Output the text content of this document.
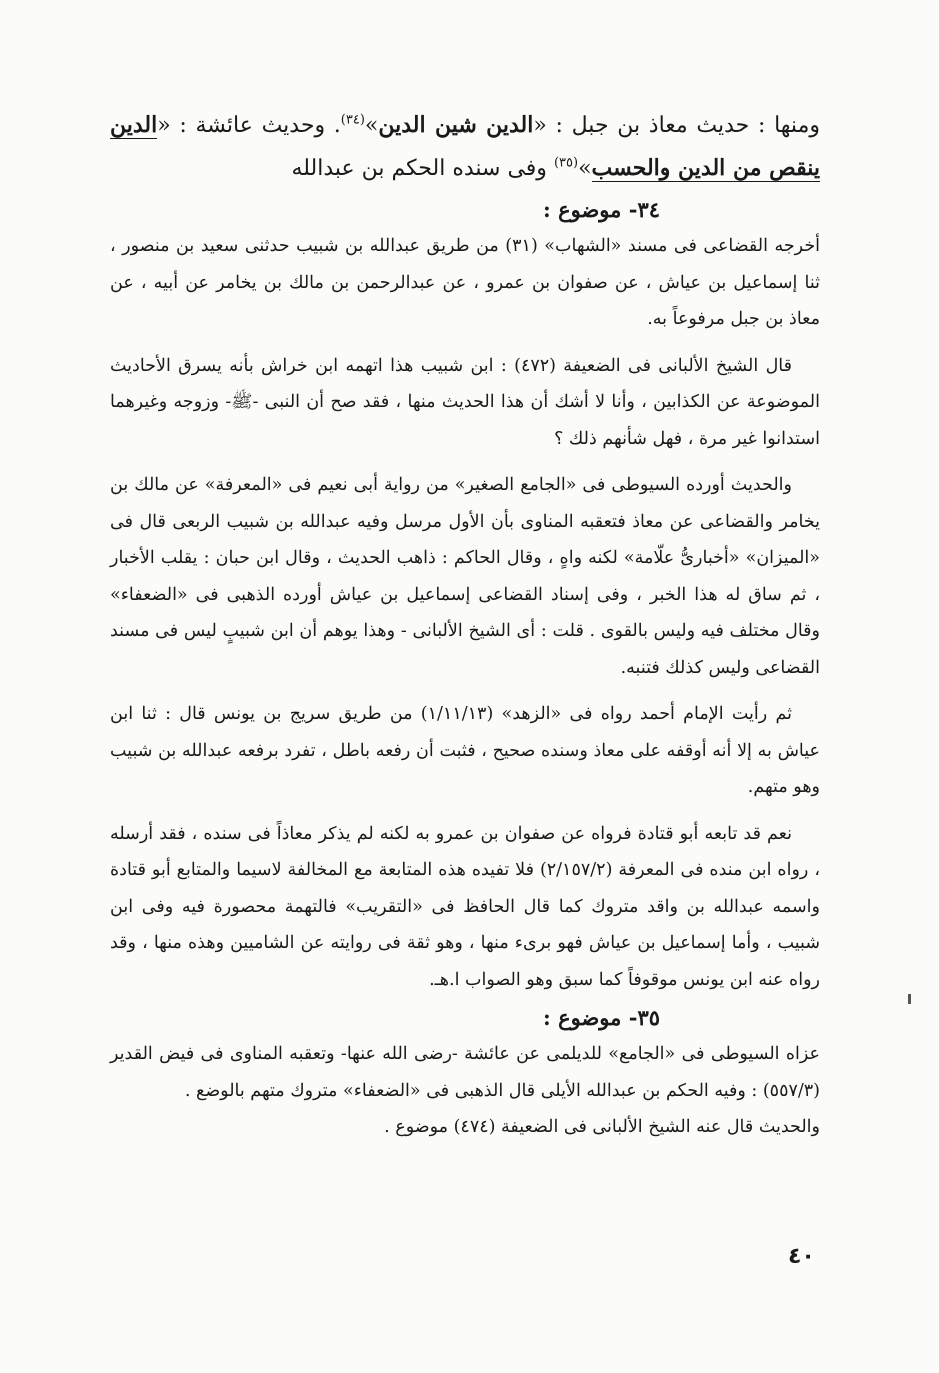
ومنها : حديث معاذ بن جبل : «الدين شين الدين»$^{(٣٤)}$. وحديث عائشة : «الدين ينقص من الدين والحسب»$^{(٣٥)}$ وفى سنده الحكم بن عبدالله

٣٤- موضوع :

أخرجه القضاعى فى مسند «الشهاب» (٣١) من طريق عبدالله بن شبيب حدثنى سعيد بن منصور ، ثنا إسماعيل بن عياش ، عن صفوان بن عمرو ، عن عبدالرحمن بن مالك بن يخامر عن أبيه ، عن معاذ بن جبل مرفوعاً به.

قال الشيخ الألبانى فى الضعيفة (٤٧٢) : ابن شبيب هذا اتهمه ابن خراش بأنه يسرق الأحاديث الموضوعة عن الكذابين ، وأنا لا أشك أن هذا الحديث منها ، فقد صح أن النبى -ﷺ- وزوجه وغيرهما استدانوا غير مرة ، فهل شأنهم ذلك ؟

والحديث أورده السيوطى فى «الجامع الصغير» من رواية أبى نعيم فى «المعرفة» عن مالك بن يخامر والقضاعى عن معاذ فتعقبه المناوى بأن الأول مرسل وفيه عبدالله بن شبيب الربعى قال فى «الميزان» «أخبارىُّ علّامة» لكنه واهٍ ، وقال الحاكم : ذاهب الحديث ، وقال ابن حبان : يقلب الأخبار ، ثم ساق له هذا الخبر ، وفى إسناد القضاعى إسماعيل بن عياش أورده الذهبى فى «الضعفاء» وقال مختلف فيه وليس بالقوى . قلت : أى الشيخ الألبانى - وهذا يوهم أن ابن شبيبٍ ليس فى مسند القضاعى وليس كذلك فتنبه.

ثم رأيت الإمام أحمد رواه فى «الزهد» (١/١١/١٣) من طريق سريج بن يونس قال : ثنا ابن عياش به إلا أنه أوقفه على معاذ وسنده صحيح ، فثبت أن رفعه باطل ، تفرد برفعه عبدالله بن شبيب وهو متهم.

نعم قد تابعه أبو قتادة فرواه عن صفوان بن عمرو به لكنه لم يذكر معاذاً فى سنده ، فقد أرسله ، رواه ابن منده فى المعرفة (٢/١٥٧/٢) فلا تفيده هذه المتابعة مع المخالفة لاسيما والمتابع أبو قتادة واسمه عبدالله بن واقد متروك كما قال الحافظ فى «التقريب» فالتهمة محصورة فيه وفى ابن شبيب ، وأما إسماعيل بن عياش فهو برىء منها ، وهو ثقة فى روايته عن الشاميين وهذه منها ، وقد رواه عنه ابن يونس موقوفاً كما سبق وهو الصواب ا.هـ.

٣٥- موضوع :

عزاه السيوطى فى «الجامع» للديلمى عن عائشة -رضى الله عنها- وتعقبه المناوى فى فيض القدير (٥٥٧/٣) : وفيه الحكم بن عبدالله الأيلى قال الذهبى فى «الضعفاء» متروك متهم بالوضع .

والحديث قال عنه الشيخ الألبانى فى الضعيفة (٤٧٤) موضوع .

٤٠
